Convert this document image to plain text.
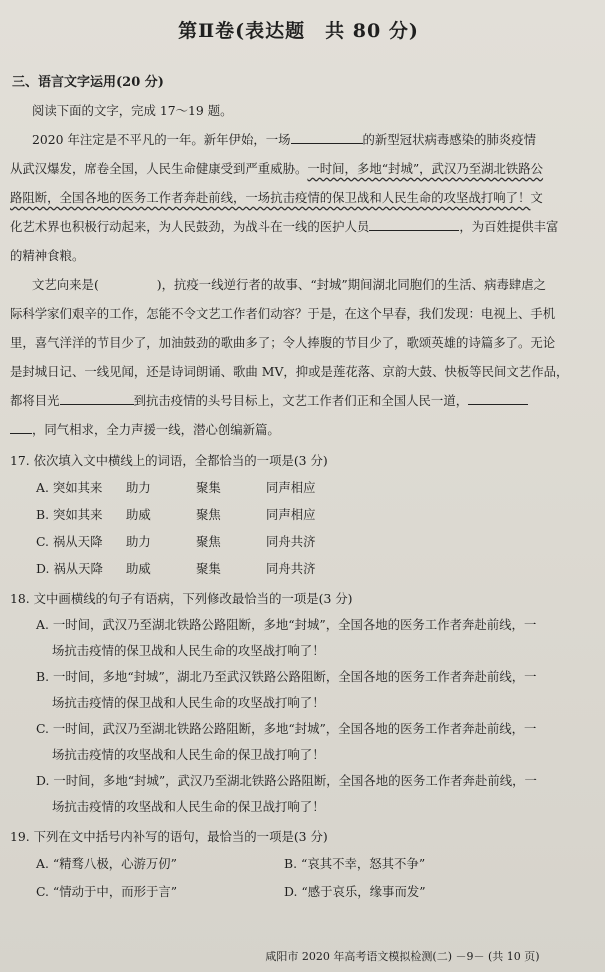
第Ⅱ卷(表达题　共 80 分)
三、语言文字运用(20 分)
阅读下面的文字，完成 17～19 题。
2020 年注定是不平凡的一年。新年伊始，一场	的新型冠状病毒感染的肺炎疫情
从武汉爆发，席卷全国，人民生命健康受到严重威胁。一时间，多地“封城”，武汉乃至湖北铁路公
路阻断，全国各地的医务工作者奔赴前线，一场抗击疫情的保卫战和人民生命的攻坚战打响了！文
化艺术界也积极行动起来，为人民鼓劲，为战斗在一线的医护人员	，为百姓提供丰富
的精神食粮。
文艺向来是(	)，抗疫一线逆行者的故事、“封城”期间湖北同胞们的生活、病毒肆虐之
际科学家们艰辛的工作，怎能不令文艺工作者们动容？于是，在这个早春，我们发现：电视上、手机
里，喜气洋洋的节目少了，加油鼓劲的歌曲多了；令人捧腹的节目少了，歌颂英雄的诗篇多了。无论
是封城日记、一线见闻，还是诗词朗诵、歌曲 MV，抑或是莲花落、京韵大鼓、快板等民间文艺作品，
都将目光	到抗击疫情的头号目标上，文艺工作者们正和全国人民一道，
，同气相求，全力声援一线，潜心创编新篇。
17. 依次填入文中横线上的词语，全都恰当的一项是(3 分)
A. 突如其来	助力	聚集	同声相应
B. 突如其来	助威	聚焦	同声相应
C. 祸从天降	助力	聚焦	同舟共济
D. 祸从天降	助威	聚集	同舟共济
18. 文中画横线的句子有语病，下列修改最恰当的一项是(3 分)
A. 一时间，武汉乃至湖北铁路公路阻断，多地“封城”，全国各地的医务工作者奔赴前线，一
场抗击疫情的保卫战和人民生命的攻坚战打响了！
B. 一时间，多地“封城”，湖北乃至武汉铁路公路阻断，全国各地的医务工作者奔赴前线，一
场抗击疫情的保卫战和人民生命的攻坚战打响了！
C. 一时间，武汉乃至湖北铁路公路阻断，多地“封城”，全国各地的医务工作者奔赴前线，一
场抗击疫情的攻坚战和人民生命的保卫战打响了！
D. 一时间，多地“封城”，武汉乃至湖北铁路公路阻断，全国各地的医务工作者奔赴前线，一
场抗击疫情的攻坚战和人民生命的保卫战打响了！
19. 下列在文中括号内补写的语句，最恰当的一项是(3 分)
A. “精骛八极，心游万仞”	B. “哀其不幸，怒其不争”
C. “情动于中，而形于言”	D. “感于哀乐，缘事而发”
咸阳市 2020 年高考语文模拟检测(二) －9－ (共 10 页)
